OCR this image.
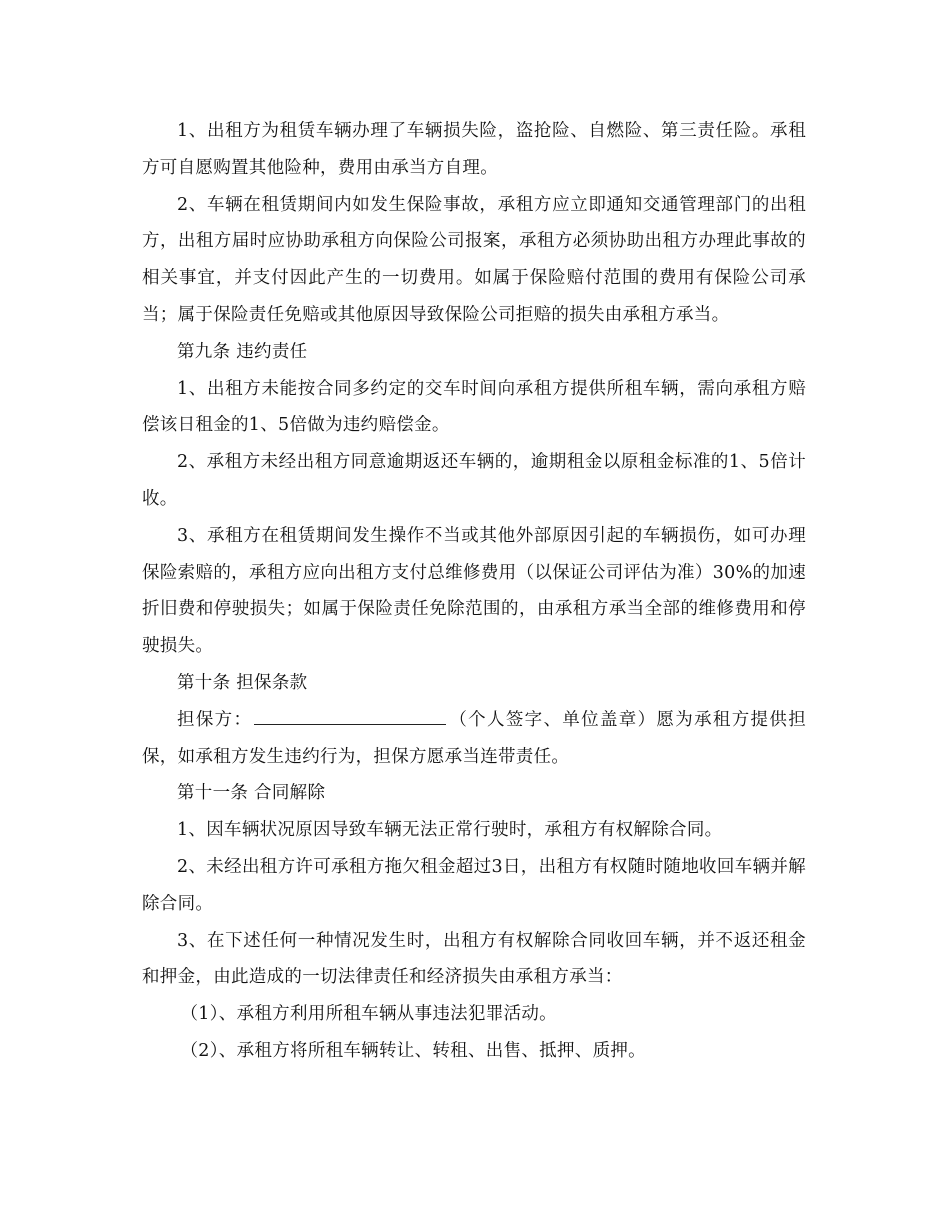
1、出租方为租赁车辆办理了车辆损失险，盗抢险、自燃险、第三责任险。承租方可自愿购置其他险种，费用由承当方自理。

2、车辆在租赁期间内如发生保险事故，承租方应立即通知交通管理部门的出租方，出租方届时应协助承租方向保险公司报案，承租方必须协助出租方办理此事故的相关事宜，并支付因此产生的一切费用。如属于保险赔付范围的费用有保险公司承当；属于保险责任免赔或其他原因导致保险公司拒赔的损失由承租方承当。

第九条 违约责任

1、出租方未能按合同多约定的交车时间向承租方提供所租车辆，需向承租方赔偿该日租金的1、5倍做为违约赔偿金。

2、承租方未经出租方同意逾期返还车辆的，逾期租金以原租金标准的1、5倍计收。

3、承租方在租赁期间发生操作不当或其他外部原因引起的车辆损伤，如可办理保险索赔的，承租方应向出租方支付总维修费用（以保证公司评估为准）30%的加速折旧费和停驶损失；如属于保险责任免除范围的，由承租方承当全部的维修费用和停驶损失。

第十条 担保条款

担保方：	（个人签字、单位盖章）愿为承租方提供担保，如承租方发生违约行为，担保方愿承当连带责任。

第十一条 合同解除

1、因车辆状况原因导致车辆无法正常行驶时，承租方有权解除合同。

2、未经出租方许可承租方拖欠租金超过3日，出租方有权随时随地收回车辆并解除合同。

3、在下述任何一种情况发生时，出租方有权解除合同收回车辆，并不返还租金和押金，由此造成的一切法律责任和经济损失由承租方承当：

（1）、承租方利用所租车辆从事违法犯罪活动。

（2）、承租方将所租车辆转让、转租、出售、抵押、质押。
